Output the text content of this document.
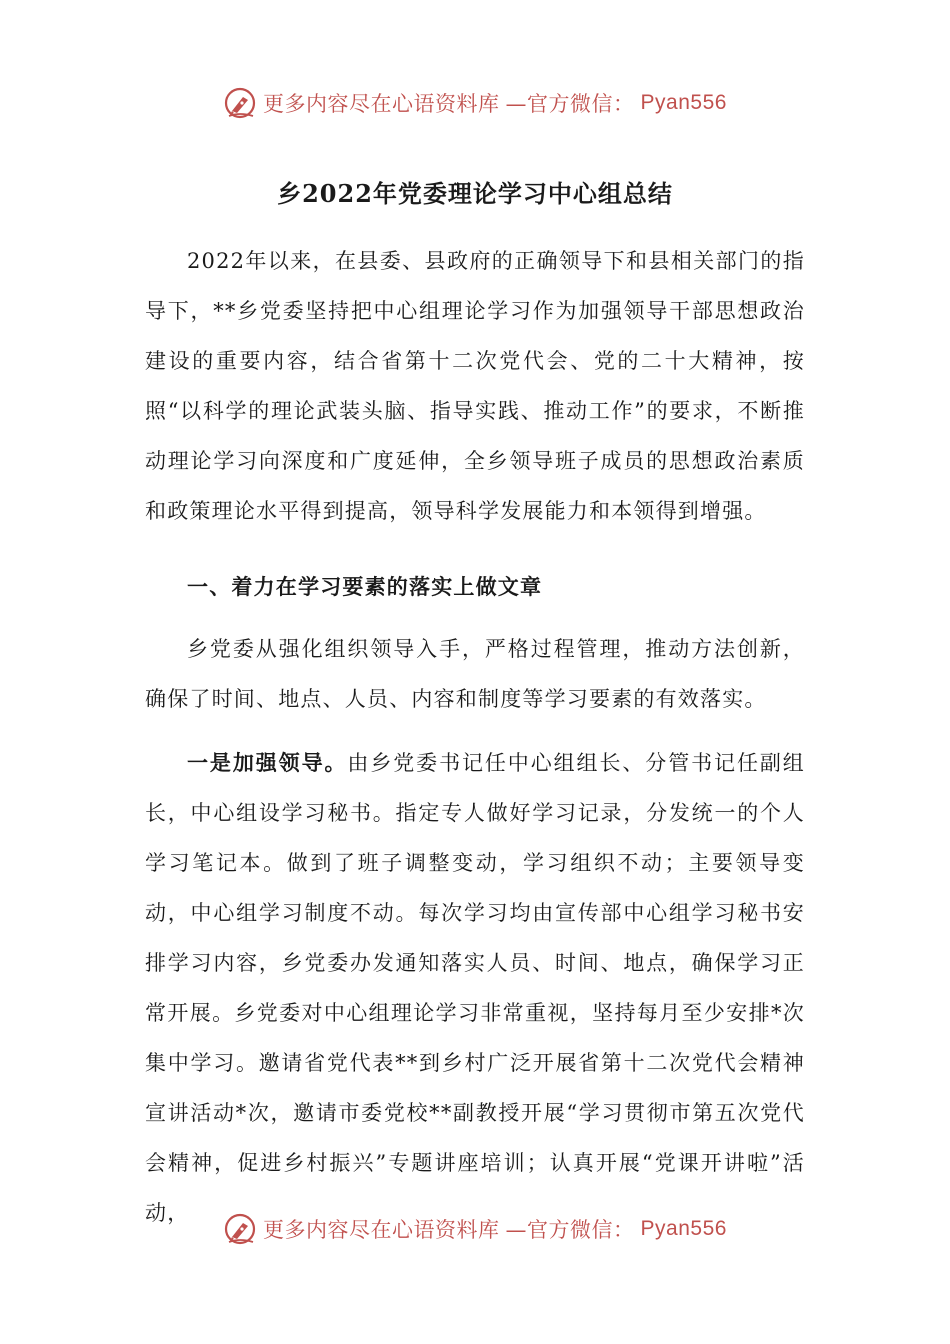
更多内容尽在心语资料库 —官方微信： Pyan556
乡2022年党委理论学习中心组总结

2022年以来，在县委、县政府的正确领导下和县相关部门的指导下，**乡党委坚持把中心组理论学习作为加强领导干部思想政治建设的重要内容，结合省第十二次党代会、党的二十大精神，按照“以科学的理论武装头脑、指导实践、推动工作”的要求，不断推动理论学习向深度和广度延伸，全乡领导班子成员的思想政治素质和政策理论水平得到提高，领导科学发展能力和本领得到增强。

一、着力在学习要素的落实上做文章

乡党委从强化组织领导入手，严格过程管理，推动方法创新，确保了时间、地点、人员、内容和制度等学习要素的有效落实。

一是加强领导。由乡党委书记任中心组组长、分管书记任副组长，中心组设学习秘书。指定专人做好学习记录，分发统一的个人学习笔记本。做到了班子调整变动，学习组织不动；主要领导变动，中心组学习制度不动。每次学习均由宣传部中心组学习秘书安排学习内容，乡党委办发通知落实人员、时间、地点，确保学习正常开展。乡党委对中心组理论学习非常重视，坚持每月至少安排*次集中学习。邀请省党代表**到乡村广泛开展省第十二次党代会精神宣讲活动*次，邀请市委党校**副教授开展“学习贯彻市第五次党代会精神，促进乡村振兴”专题讲座培训；认真开展“党课开讲啦”活动，

更多内容尽在心语资料库 —官方微信： Pyan556
